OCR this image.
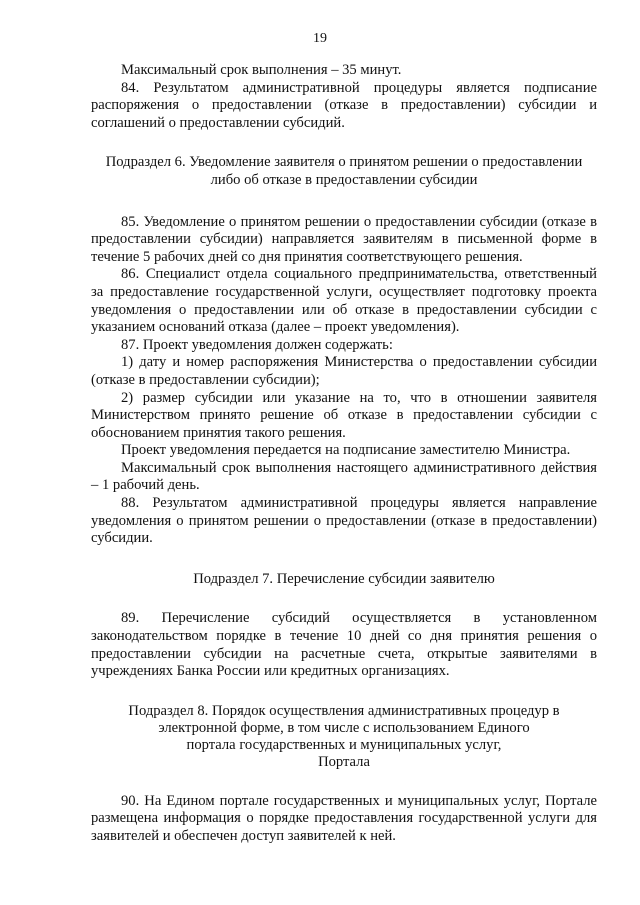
19

Максимальный срок выполнения – 35 минут.

84. Результатом административной процедуры является подписание распоряжения о предоставлении (отказе в предоставлении) субсидии и соглашений о предоставлении субсидий.

Подраздел 6. Уведомление заявителя о принятом решении о предоставлении либо об отказе в предоставлении субсидии

85. Уведомление о принятом решении о предоставлении субсидии (отказе в предоставлении субсидии) направляется заявителям в письменной форме в течение 5 рабочих дней со дня принятия соответствующего решения.

86. Специалист отдела социального предпринимательства, ответственный за предоставление государственной услуги, осуществляет подготовку проекта уведомления о предоставлении или об отказе в предоставлении субсидии с указанием оснований отказа (далее – проект уведомления).

87. Проект уведомления должен содержать:

1) дату и номер распоряжения Министерства о предоставлении субсидии (отказе в предоставлении субсидии);

2) размер субсидии или указание на то, что в отношении заявителя Министерством принято решение об отказе в предоставлении субсидии с обоснованием принятия такого решения.

Проект уведомления передается на подписание заместителю Министра.

Максимальный срок выполнения настоящего административного действия – 1 рабочий день.

88. Результатом административной процедуры является направление уведомления о принятом решении о предоставлении (отказе в предоставлении) субсидии.

Подраздел 7. Перечисление субсидии заявителю

89. Перечисление субсидий осуществляется в установленном законодательством порядке в течение 10 дней со дня принятия решения о предоставлении субсидии на расчетные счета, открытые заявителями в учреждениях Банка России или кредитных организациях.

Подраздел 8. Порядок осуществления административных процедур в
электронной форме, в том числе с использованием Единого
портала государственных и муниципальных услуг,
Портала

90. На Едином портале государственных и муниципальных услуг, Портале размещена информация о порядке предоставления государственной услуги для заявителей и обеспечен доступ заявителей к ней.
